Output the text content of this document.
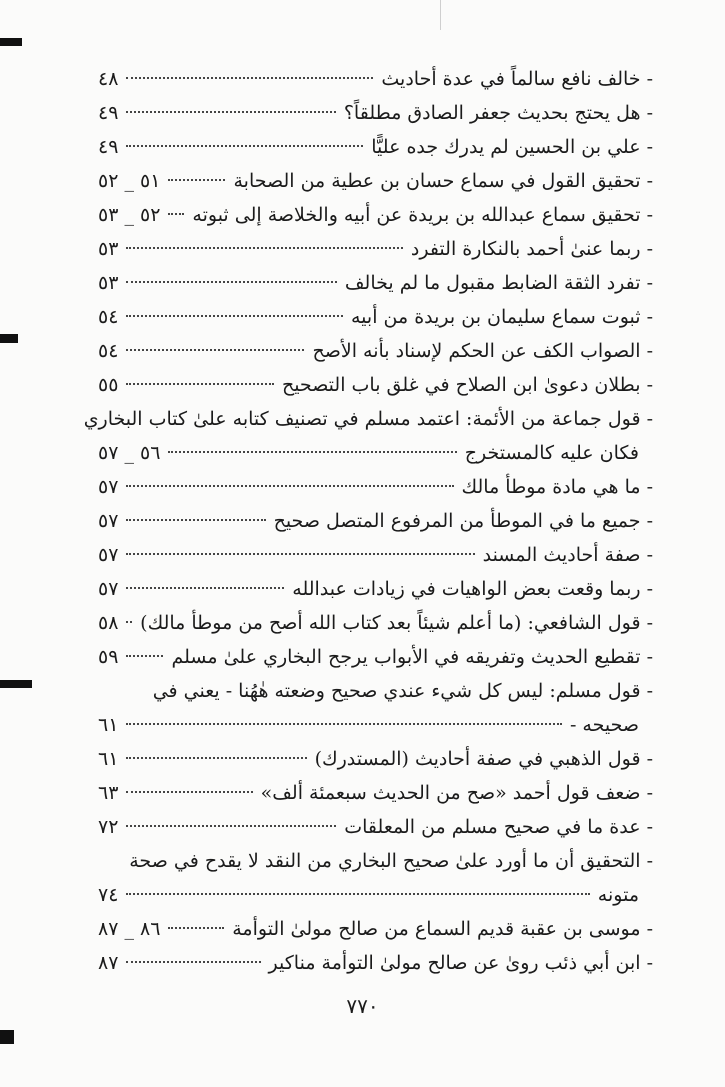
- خالف نافع سالماً في عدة أحاديث
٤٨
- هل يحتج بحديث جعفر الصادق مطلقاً؟
٤٩
- علي بن الحسين لم يدرك جده عليًّا
٤٩
- تحقيق القول في سماع حسان بن عطية من الصحابة
٥١ _ ٥٢
- تحقيق سماع عبدالله بن بريدة عن أبيه والخلاصة إلى ثبوته
٥٢ _ ٥٣
- ربما عنىٰ أحمد بالنكارة التفرد
٥٣
- تفرد الثقة الضابط مقبول ما لم يخالف
٥٣
- ثبوت سماع سليمان بن بريدة من أبيه
٥٤
- الصواب الكف عن الحكم لإسناد بأنه الأصح
٥٤
- بطلان دعوىٰ ابن الصلاح في غلق باب التصحيح
٥٥
- قول جماعة من الأئمة: اعتمد مسلم في تصنيف كتابه علىٰ كتاب البخاري
فكان عليه كالمستخرج
٥٦ _ ٥٧
- ما هي مادة موطأ مالك
٥٧
- جميع ما في الموطأ من المرفوع المتصل صحيح
٥٧
- صفة أحاديث المسند
٥٧
- ربما وقعت بعض الواهيات في زيادات عبدالله
٥٧
- قول الشافعي: (ما أعلم شيئاً بعد كتاب الله أصح من موطأ مالك)
٥٨
- تقطيع الحديث وتفريقه في الأبواب يرجح البخاري علىٰ مسلم
٥٩
- قول مسلم: ليس كل شيء عندي صحيح وضعته هٰهُنا - يعني في
صحيحه -
٦١
- قول الذهبي في صفة أحاديث (المستدرك)
٦١
- ضعف قول أحمد «صح من الحديث سبعمئة ألف»
٦٣
- عدة ما في صحيح مسلم من المعلقات
٧٢
- التحقيق أن ما أورد علىٰ صحيح البخاري من النقد لا يقدح في صحة
متونه
٧٤
- موسى بن عقبة قديم السماع من صالح مولىٰ التوأمة
٨٦ _ ٨٧
- ابن أبي ذئب روىٰ عن صالح مولىٰ التوأمة مناكير
٨٧
٧٧٠
